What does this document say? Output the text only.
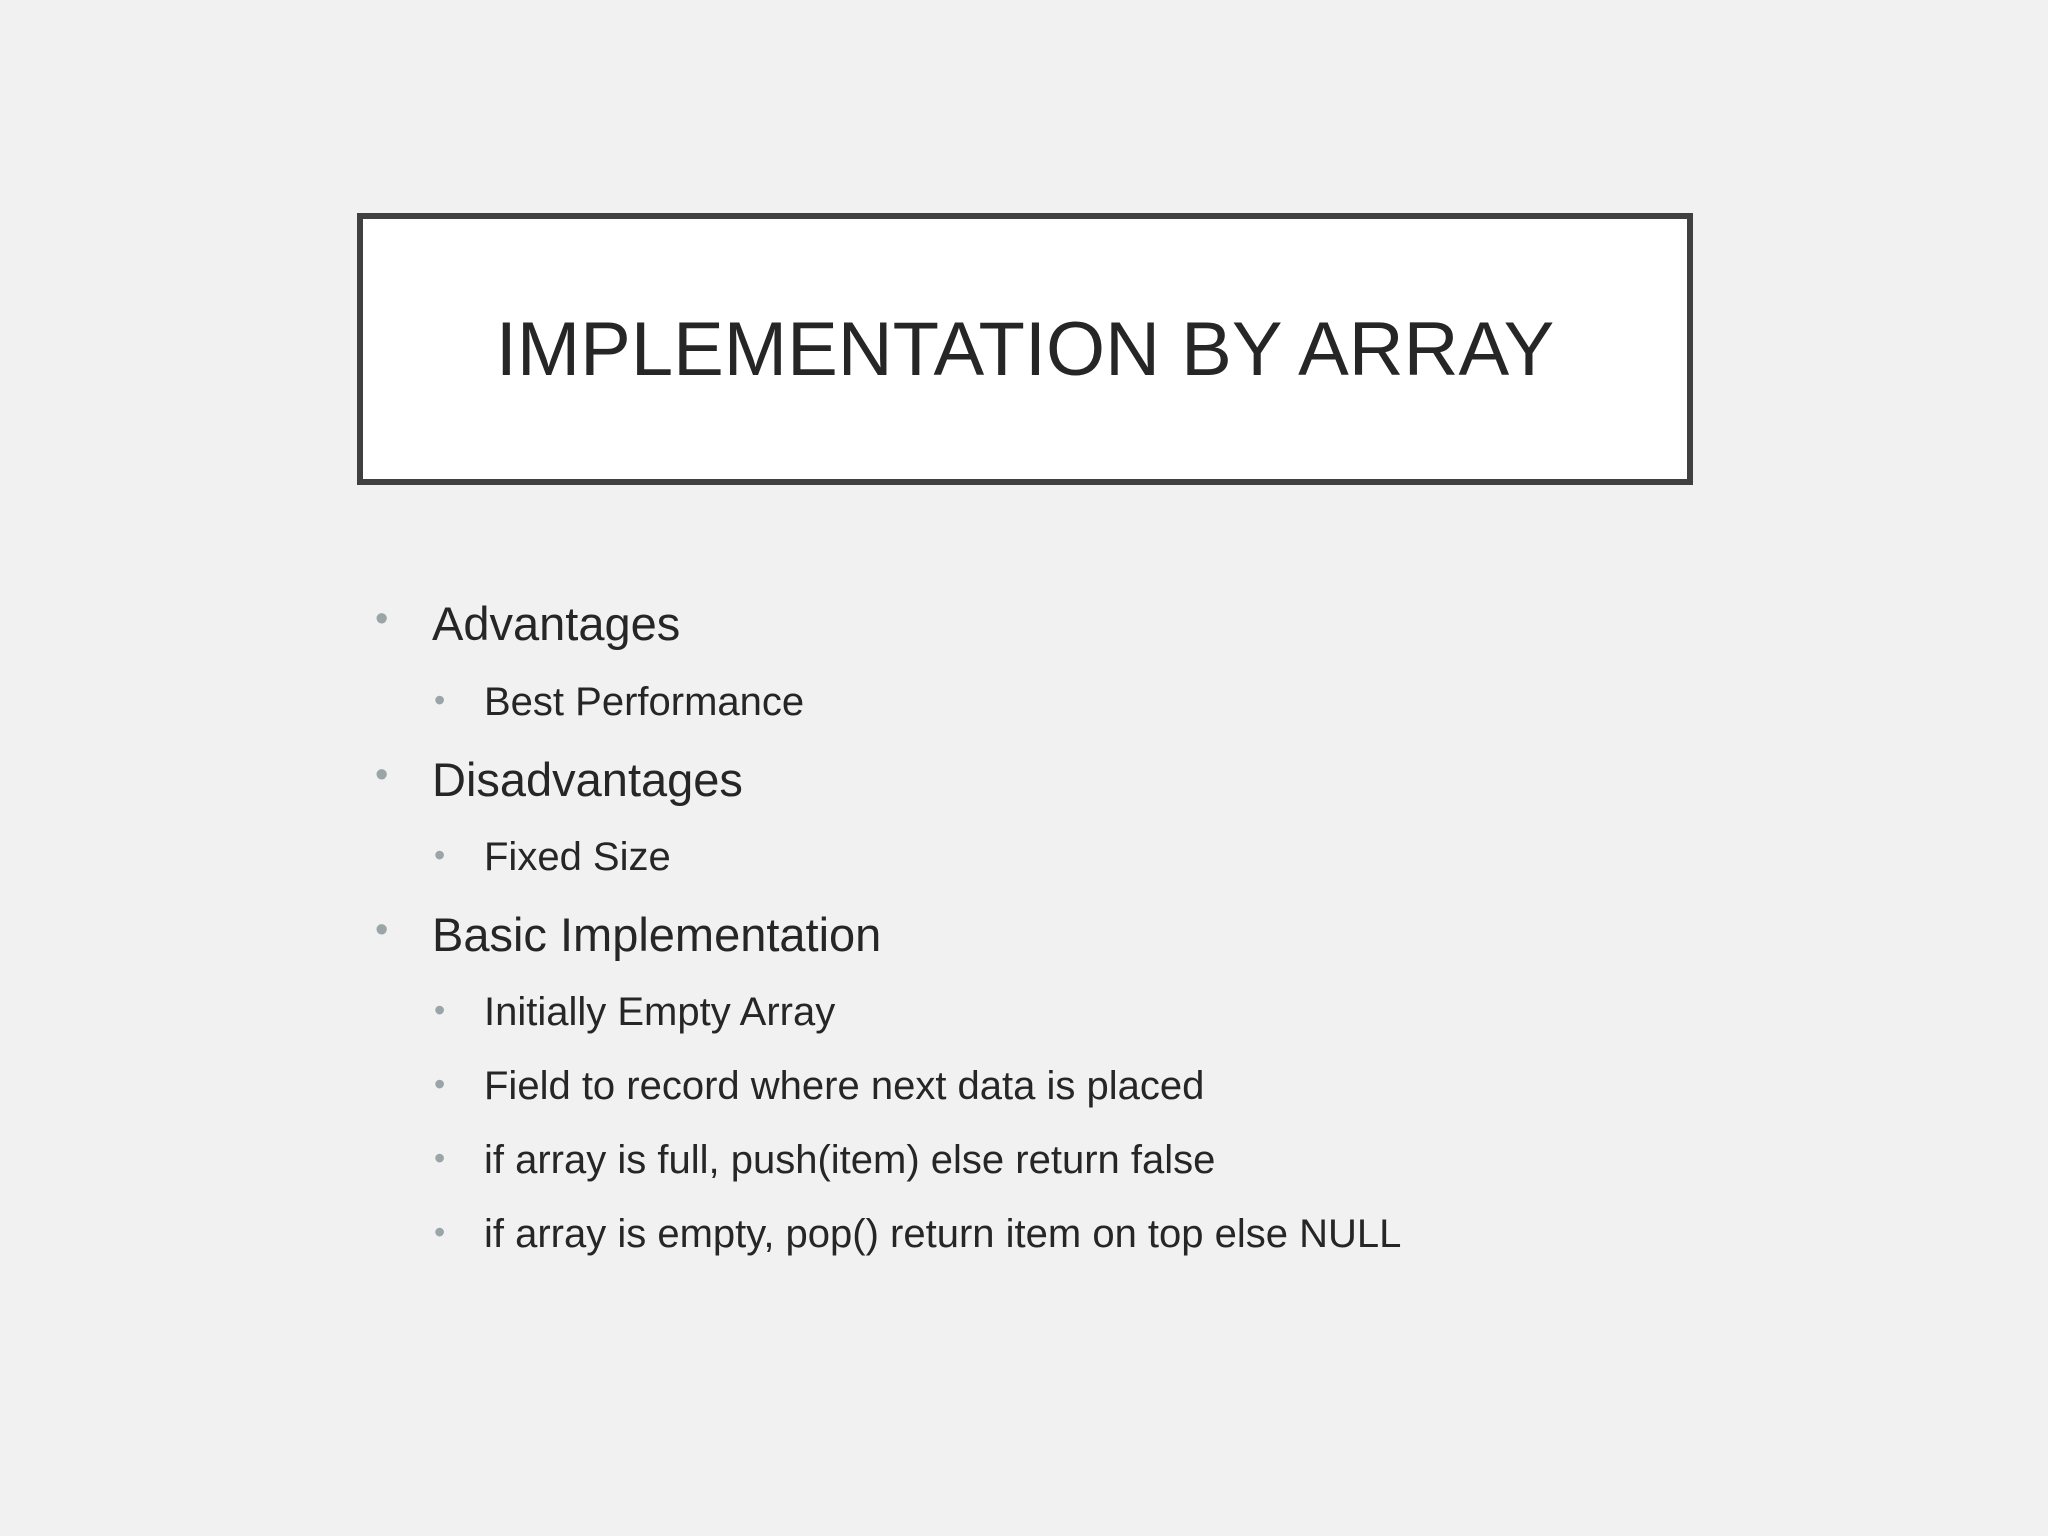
IMPLEMENTATION BY ARRAY
• Advantages
• Best Performance
• Disadvantages
• Fixed Size
• Basic Implementation
• Initially Empty Array
• Field to record where next data is placed
• if array is full, push(item) else return false
• if array is empty, pop() return item on top else NULL
